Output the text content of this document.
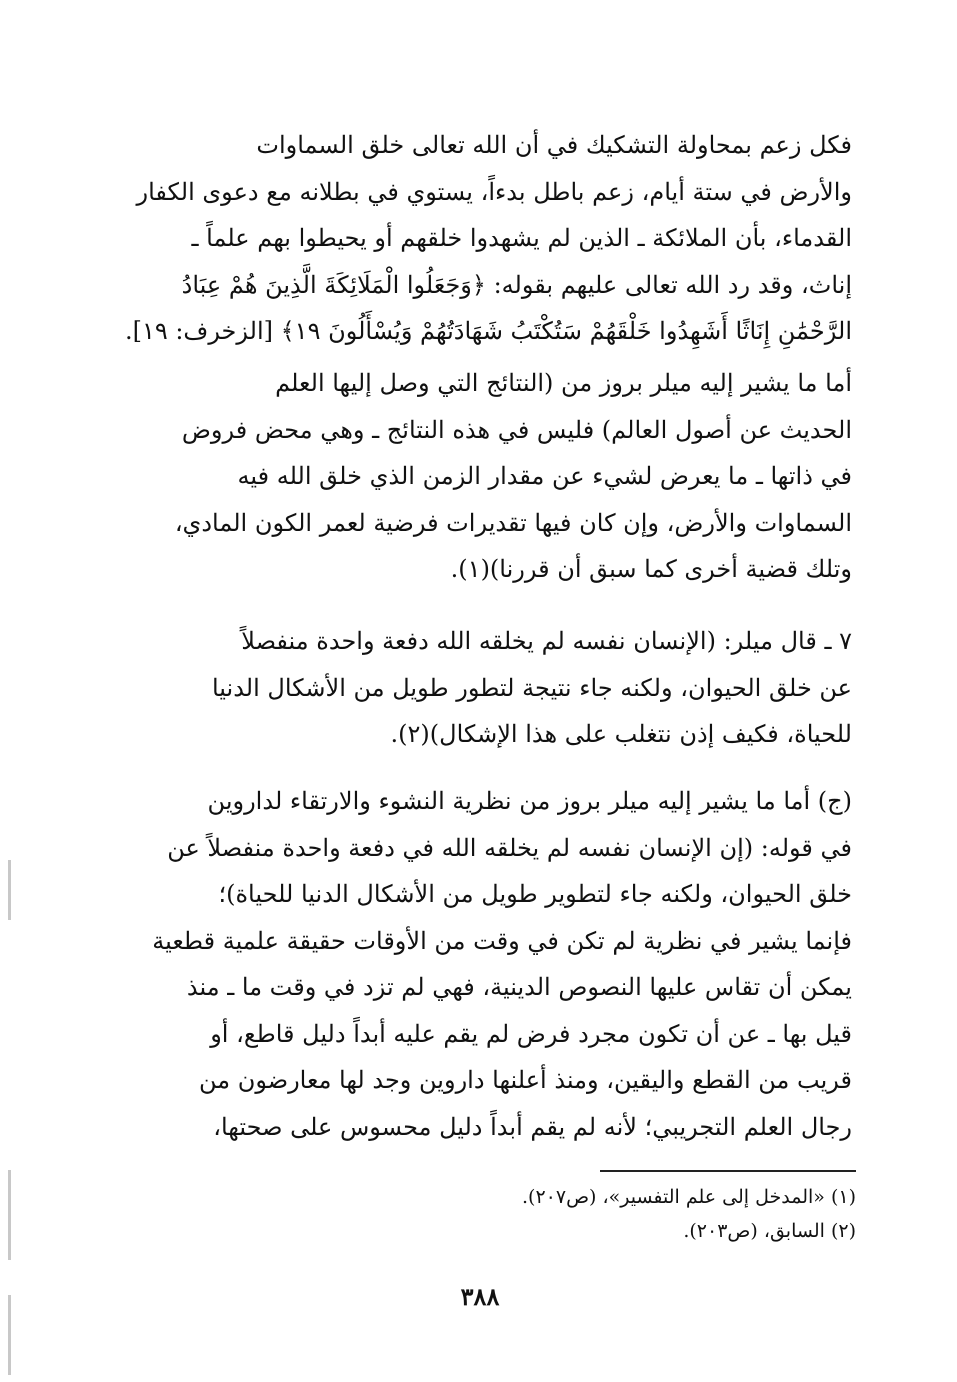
فكل زعم بمحاولة التشكيك في أن الله تعالى خلق السماوات
والأرض في ستة أيام، زعم باطل بدءاً، يستوي في بطلانه مع دعوى الكفار
القدماء، بأن الملائكة ـ الذين لم يشهدوا خلقهم أو يحيطوا بهم علماً ـ
إناث، وقد رد الله تعالى عليهم بقوله: ﴿وَجَعَلُوا الْمَلَائِكَةَ الَّذِينَ هُمْ عِبَادُ
الرَّحْمَٰنِ إِنَاثًا أَشَهِدُوا خَلْقَهُمْ سَتُكْتَبُ شَهَادَتُهُمْ وَيُسْأَلُونَ ١٩﴾ [الزخرف: ١٩].
أما ما يشير إليه ميلر بروز من (النتائج التي وصل إليها العلم
الحديث عن أصول العالم) فليس في هذه النتائج ـ وهي محض فروض
في ذاتها ـ ما يعرض لشيء عن مقدار الزمن الذي خلق الله فيه
السماوات والأرض، وإن كان فيها تقديرات فرضية لعمر الكون المادي،
وتلك قضية أخرى كما سبق أن قررنا)(١).
٧ ـ قال ميلر: (الإنسان نفسه لم يخلقه الله دفعة واحدة منفصلاً
عن خلق الحيوان، ولكنه جاء نتيجة لتطور طويل من الأشكال الدنيا
للحياة، فكيف إذن نتغلب على هذا الإشكال)(٢).
(ج) أما ما يشير إليه ميلر بروز من نظرية النشوء والارتقاء لداروين
في قوله: (إن الإنسان نفسه لم يخلقه الله في دفعة واحدة منفصلاً عن
خلق الحيوان، ولكنه جاء لتطوير طويل من الأشكال الدنيا للحياة)؛
فإنما يشير في نظرية لم تكن في وقت من الأوقات حقيقة علمية قطعية
يمكن أن تقاس عليها النصوص الدينية، فهي لم تزد في وقت ما ـ منذ
قيل بها ـ عن أن تكون مجرد فرض لم يقم عليه أبداً دليل قاطع، أو
قريب من القطع واليقين، ومنذ أعلنها داروين وجد لها معارضون من
رجال العلم التجريبي؛ لأنه لم يقم أبداً دليل محسوس على صحتها،
(١) «المدخل إلى علم التفسير»، (ص٢٠٧).
(٢) السابق، (ص٢٠٣).
٣٨٨
